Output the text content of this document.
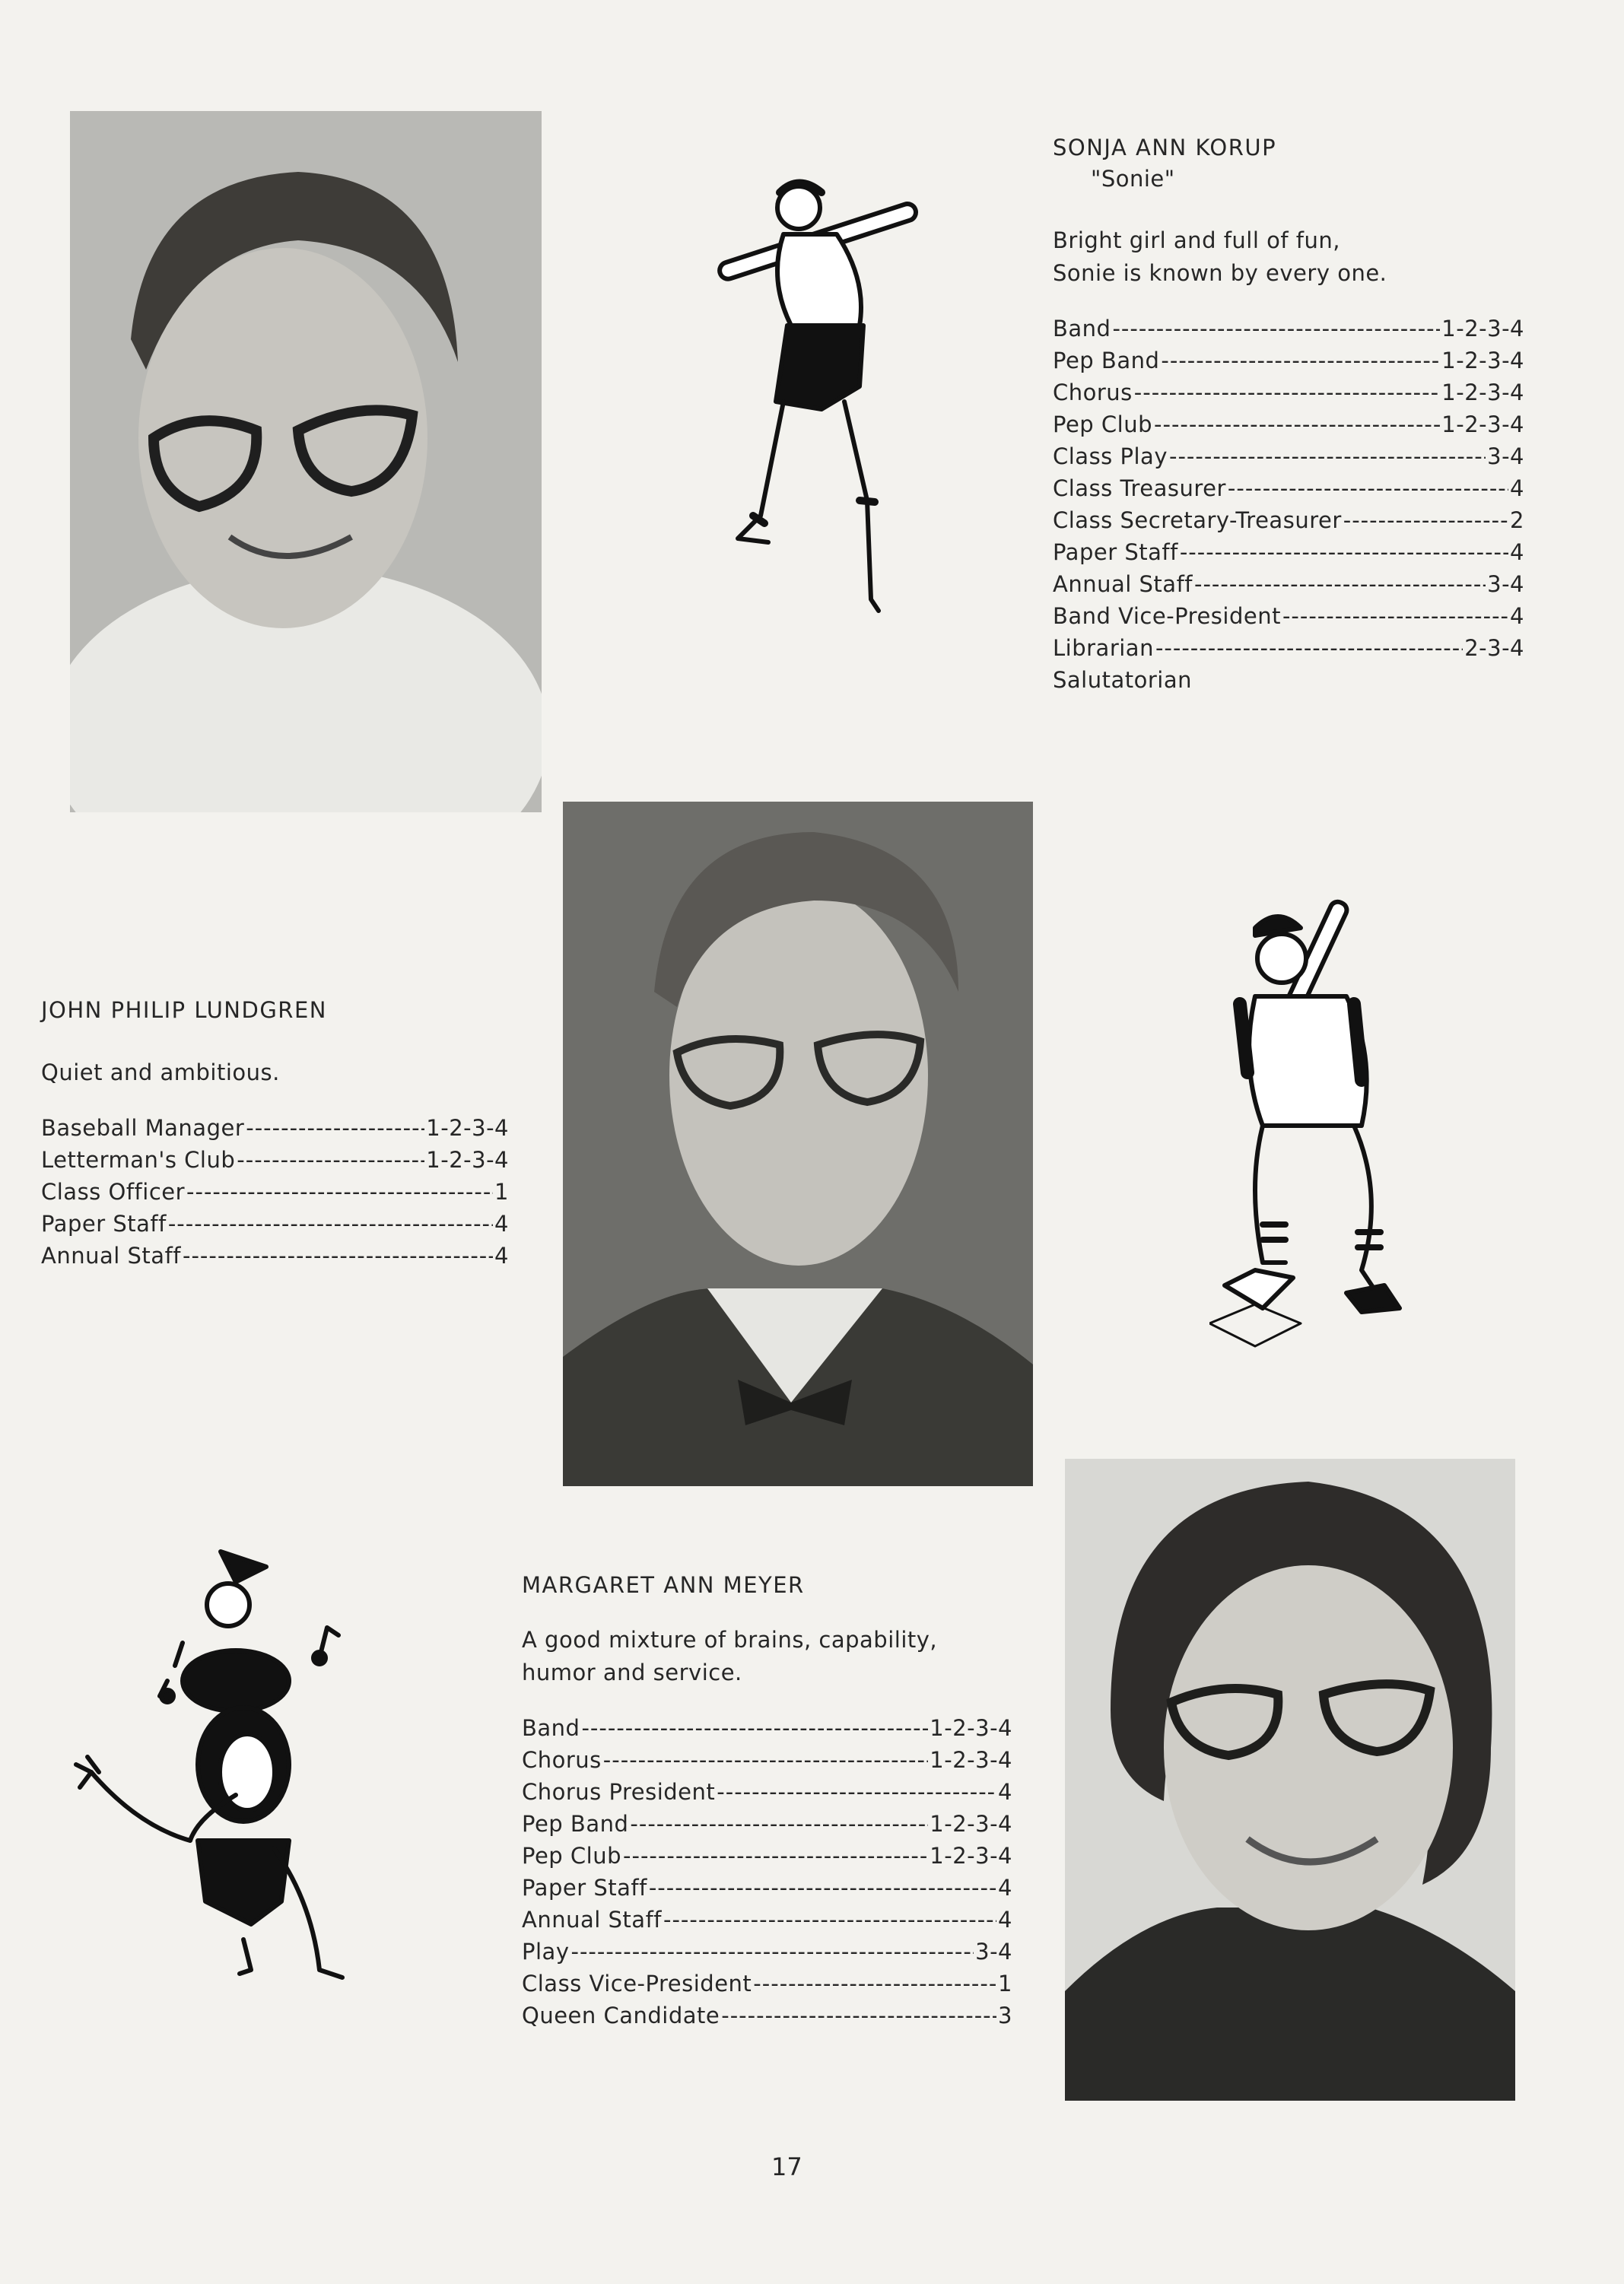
SONJA ANN KORUP

"Sonie"

Bright girl and full of fun,
Sonie is known by every one.

Band -----	1-2-3-4
Pep Band -----	1-2-3-4
Chorus -----	1-2-3-4
Pep Club -----	1-2-3-4
Class Play -----	3-4
Class Treasurer -----	4
Class Secretary-Treasurer -----	2
Paper Staff -----	4
Annual Staff -----	3-4
Band Vice-President -----	4
Librarian -----	2-3-4
Salutatorian

JOHN PHILIP LUNDGREN

Quiet and ambitious.

Baseball Manager -----	1-2-3-4
Letterman's Club -----	1-2-3-4
Class Officer -----	1
Paper Staff -----	4
Annual Staff -----	4

MARGARET ANN MEYER

A good mixture of brains, capability,
humor and service.

Band -----	1-2-3-4
Chorus -----	1-2-3-4
Chorus President -----	4
Pep Band -----	1-2-3-4
Pep Club -----	1-2-3-4
Paper Staff -----	4
Annual Staff -----	4
Play -----	3-4
Class Vice-President -----	1
Queen Candidate -----	3
17
